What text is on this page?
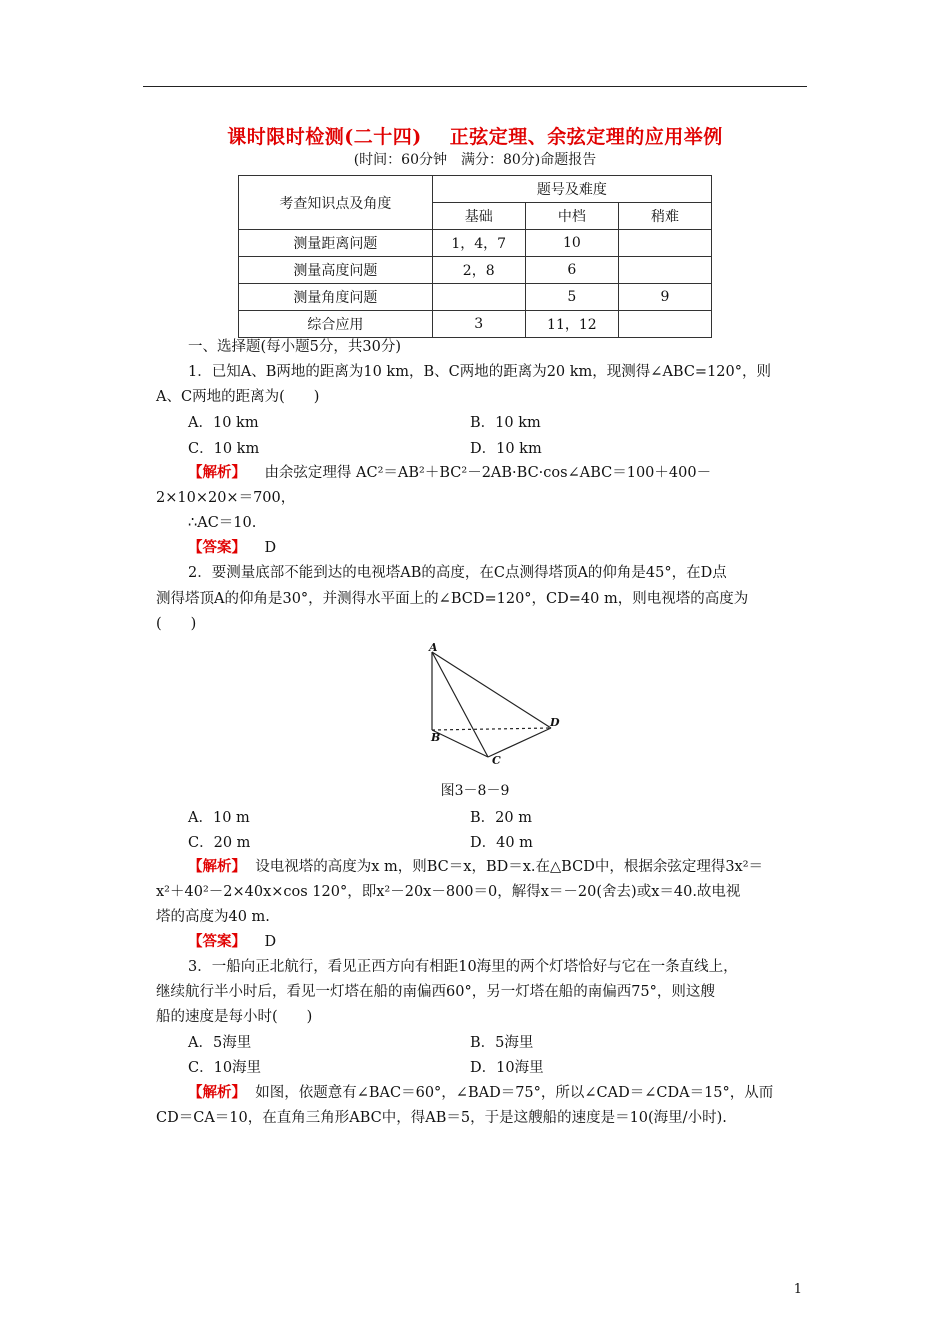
课时限时检测(二十四) 正弦定理、余弦定理的应用举例
(时间：60分钟　满分：80分)命题报告
考查知识点及角度	题号及难度		
	基础	中档	稍难
测量距离问题	1，4，7	10	
测量高度问题	2，8	6	
测量角度问题		5	9
综合应用	3	11，12	
一、选择题(每小题5分，共30分)
1．已知A、B两地的距离为10 km，B、C两地的距离为20 km，现测得∠ABC=120°，则
A、C两地的距离为(　　)
A．10 km	B．10 km
C．10 km	D．10 km
【解析】 由余弦定理得 AC²＝AB²＋BC²－2AB·BC·cos∠ABC＝100＋400－
2×10×20×＝700，
∴AC＝10.
【答案】 D
2．要测量底部不能到达的电视塔AB的高度，在C点测得塔顶A的仰角是45°，在D点
测得塔顶A的仰角是30°，并测得水平面上的∠BCD=120°，CD=40 m，则电视塔的高度为
(　　)
A
B
C
D
图3－8－9
A．10 m	B．20 m
C．20 m	D．40 m
【解析】 设电视塔的高度为x m，则BC＝x，BD＝x.在△BCD中，根据余弦定理得3x²＝
x²＋40²－2×40x×cos 120°，即x²－20x－800＝0，解得x＝－20(舍去)或x＝40.故电视
塔的高度为40 m.
【答案】 D
3．一船向正北航行，看见正西方向有相距10海里的两个灯塔恰好与它在一条直线上，
继续航行半小时后，看见一灯塔在船的南偏西60°，另一灯塔在船的南偏西75°，则这艘
船的速度是每小时(　　)
A．5海里	B．5海里
C．10海里	D．10海里
【解析】 如图，依题意有∠BAC＝60°，∠BAD＝75°，所以∠CAD＝∠CDA＝15°，从而
CD＝CA＝10，在直角三角形ABC中，得AB＝5，于是这艘船的速度是＝10(海里/小时).
1
